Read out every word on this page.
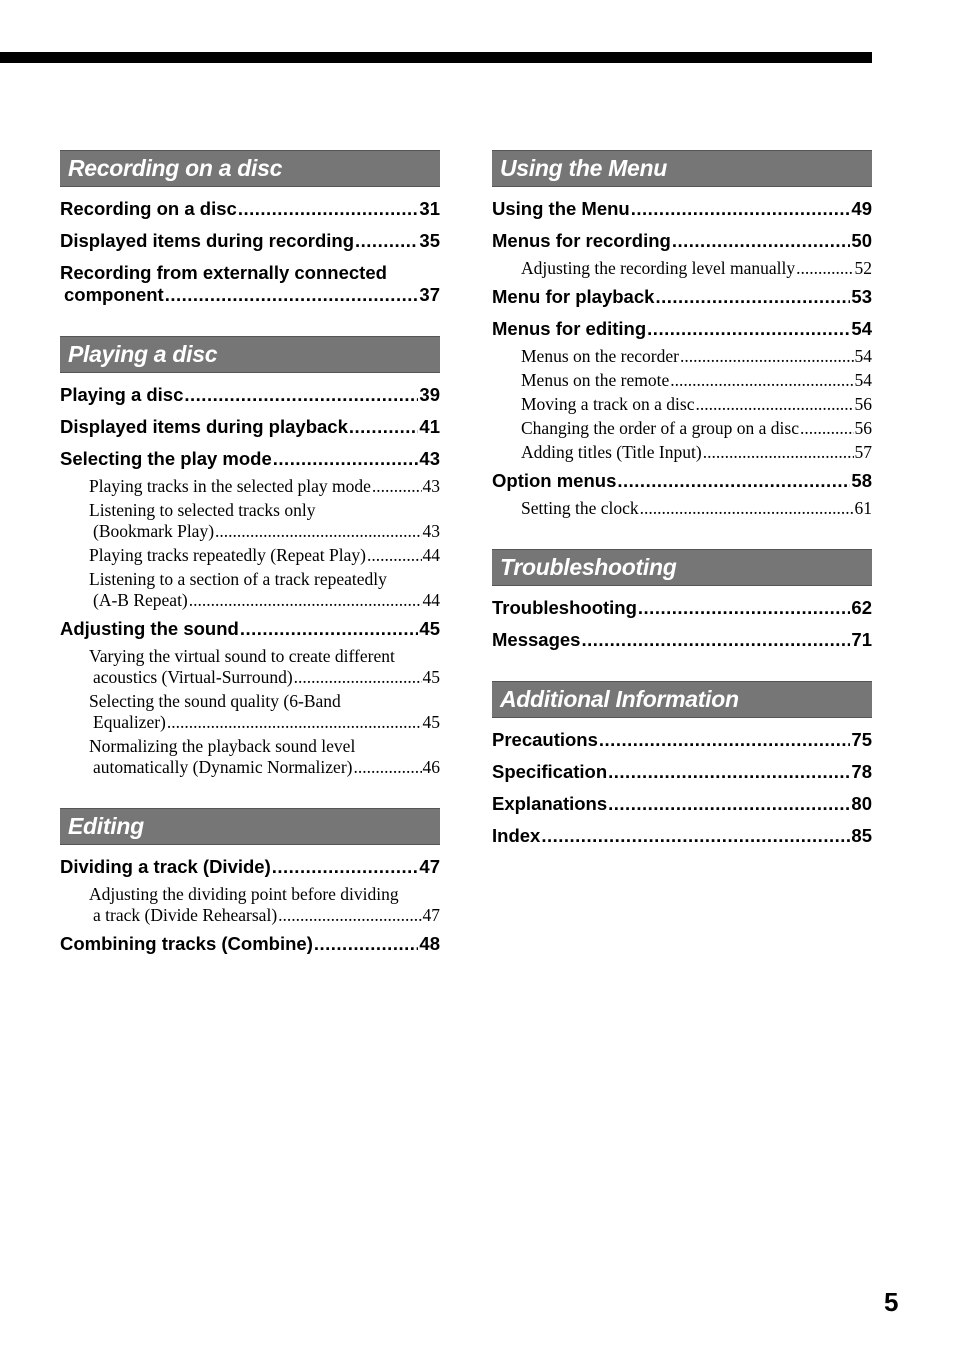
Recording on a disc
Recording on a disc .....	31
Displayed items during recording .....	35
Recording from externally connected
component .....	37
Playing a disc
Playing a disc .....	39
Displayed items during playback .....	41
Selecting the play mode .....	43
Playing tracks in the selected play mode .....	43
Listening to selected tracks only
(Bookmark Play) .....	43
Playing tracks repeatedly (Repeat Play) .....	44
Listening to a section of a track repeatedly
(A-B Repeat) .....	44
Adjusting the sound .....	45
Varying the virtual sound to create different
acoustics (Virtual-Surround) .....	45
Selecting the sound quality (6-Band
Equalizer) .....	45
Normalizing the playback sound level
automatically (Dynamic Normalizer) .....	46
Editing
Dividing a track (Divide) .....	47
Adjusting the dividing point before dividing
a track (Divide Rehearsal) .....	47
Combining tracks (Combine) .....	48
Using the Menu
Using the Menu .....	49
Menus for recording .....	50
Adjusting the recording level manually .....	52
Menu for playback .....	53
Menus for editing .....	54
Menus on the recorder .....	54
Menus on the remote .....	54
Moving a track on a disc .....	56
Changing the order of a group on a disc .....	56
Adding titles (Title Input) .....	57
Option menus .....	58
Setting the clock .....	61
Troubleshooting
Troubleshooting .....	62
Messages .....	71
Additional Information
Precautions .....	75
Specification .....	78
Explanations .....	80
Index .....	85
5
